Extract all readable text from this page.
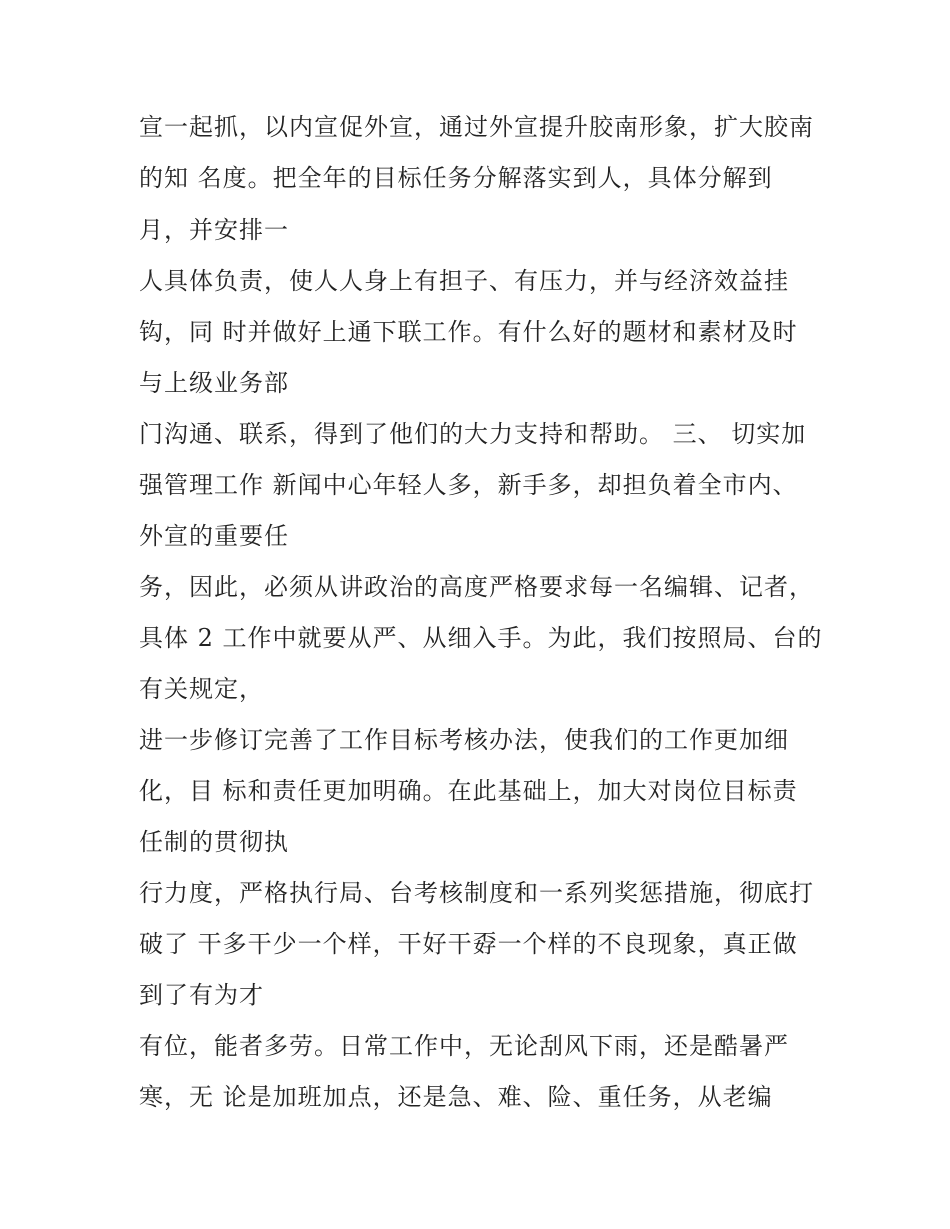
宣一起抓，以内宣促外宣，通过外宣提升胶南形象，扩大胶南
的知 名度。把全年的目标任务分解落实到人，具体分解到
月，并安排一
人具体负责，使人人身上有担子、有压力，并与经济效益挂
钩，同 时并做好上通下联工作。有什么好的题材和素材及时
与上级业务部
门沟通、联系，得到了他们的大力支持和帮助。 三、 切实加
强管理工作 新闻中心年轻人多，新手多，却担负着全市内、
外宣的重要任
务，因此，必须从讲政治的高度严格要求每一名编辑、记者，
具体 2 工作中就要从严、从细入手。为此，我们按照局、台的
有关规定，
进一步修订完善了工作目标考核办法，使我们的工作更加细
化，目 标和责任更加明确。在此基础上，加大对岗位目标责
任制的贯彻执
行力度，严格执行局、台考核制度和一系列奖惩措施，彻底打
破了 干多干少一个样，干好干孬一个样的不良现象，真正做
到了有为才
有位，能者多劳。日常工作中，无论刮风下雨，还是酷暑严
寒，无 论是加班加点，还是急、难、险、重任务，从老编
